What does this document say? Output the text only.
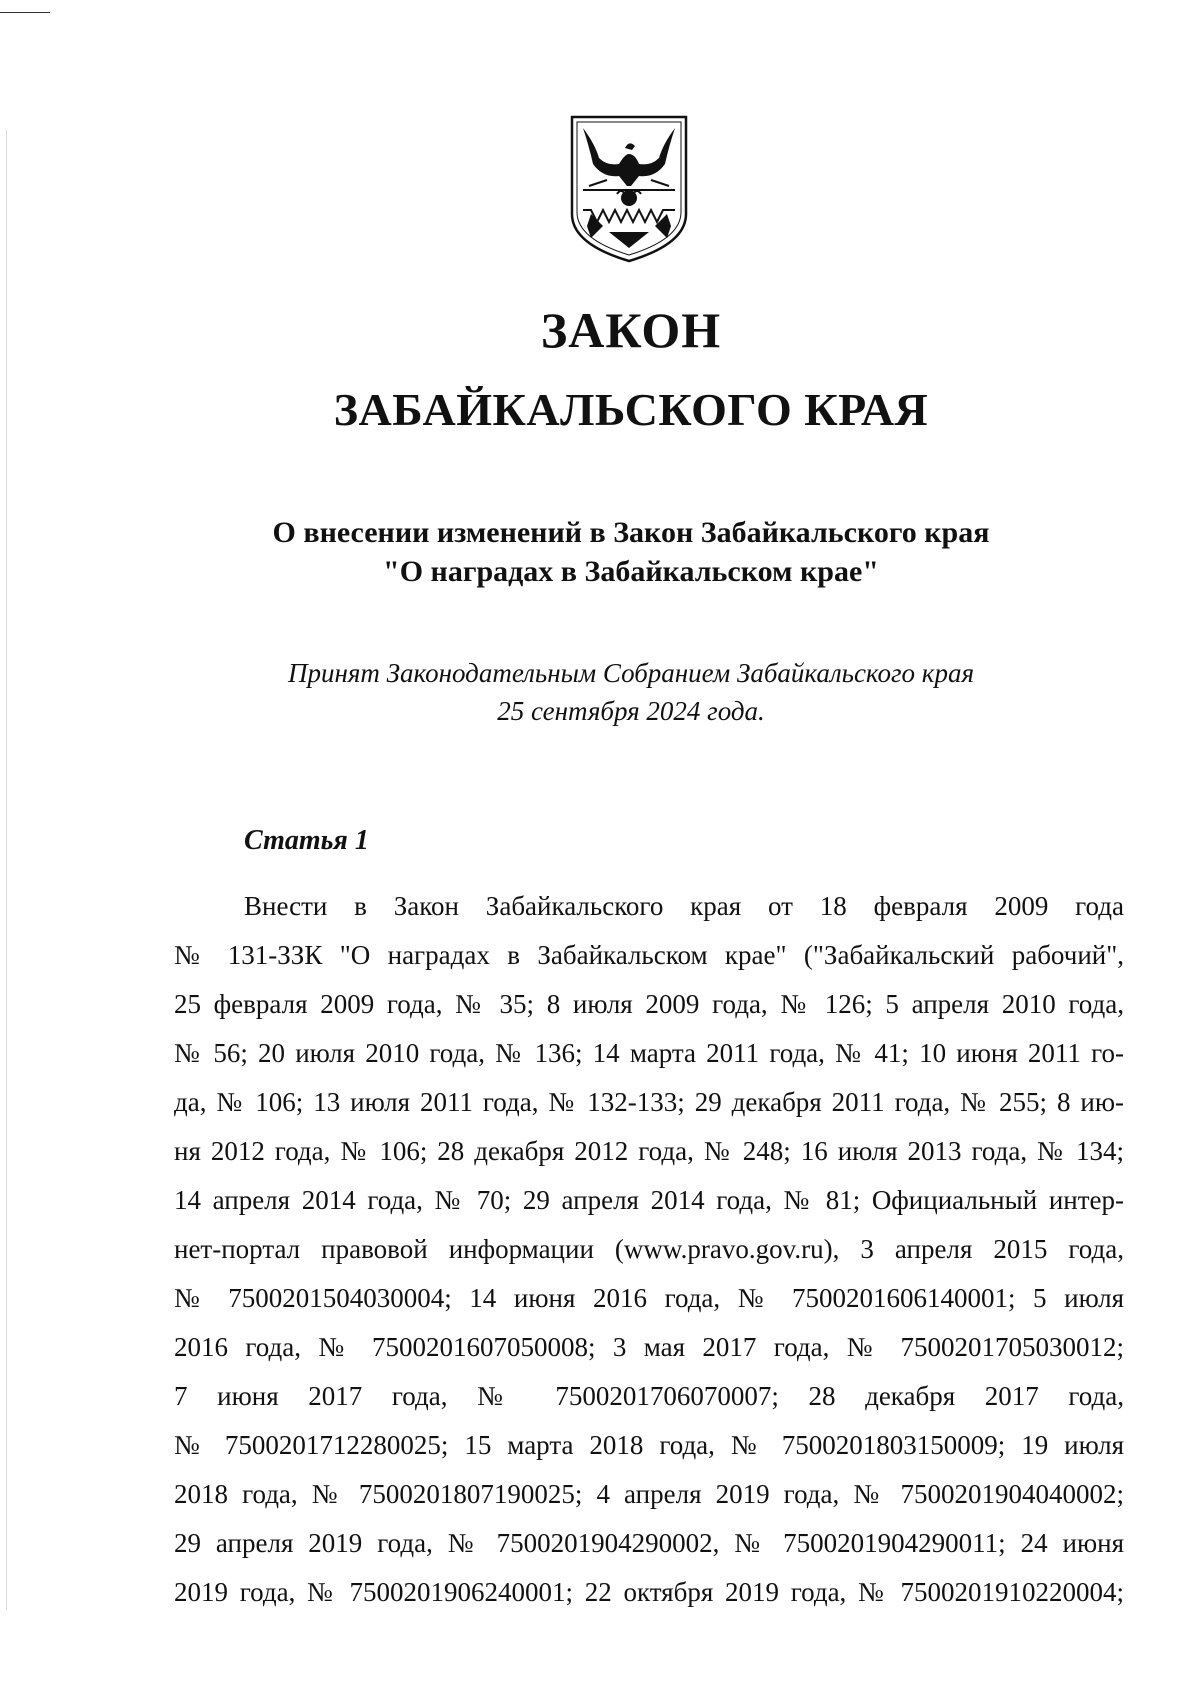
ЗАКОН
ЗАБАЙКАЛЬСКОГО КРАЯ

О внесении изменений в Закон Забайкальского края

"О наградах в Забайкальском крае"

Принят Законодательным Собранием Забайкальского края

25 сентября 2024 года.

Статья 1

Внести в Закон Забайкальского края от 18 февраля 2009 года

№ 131-ЗЗК "О наградах в Забайкальском крае" ("Забайкальский рабочий",

25 февраля 2009 года, № 35; 8 июля 2009 года, № 126; 5 апреля 2010 года,

№ 56; 20 июля 2010 года, № 136; 14 марта 2011 года, № 41; 10 июня 2011 го-

да, № 106; 13 июля 2011 года, № 132-133; 29 декабря 2011 года, № 255; 8 ию-

ня 2012 года, № 106; 28 декабря 2012 года, № 248; 16 июля 2013 года, № 134;

14 апреля 2014 года, № 70; 29 апреля 2014 года, № 81; Официальный интер-

нет-портал правовой информации (www.pravo.gov.ru), 3 апреля 2015 года,

№ 7500201504030004; 14 июня 2016 года, № 7500201606140001; 5 июля

2016 года, № 7500201607050008; 3 мая 2017 года, № 7500201705030012;

7 июня 2017 года, № 7500201706070007; 28 декабря 2017 года,

№ 7500201712280025; 15 марта 2018 года, № 7500201803150009; 19 июля

2018 года, № 7500201807190025; 4 апреля 2019 года, № 7500201904040002;

29 апреля 2019 года, № 7500201904290002, № 7500201904290011; 24 июня

2019 года, № 7500201906240001; 22 октября 2019 года, № 7500201910220004;
